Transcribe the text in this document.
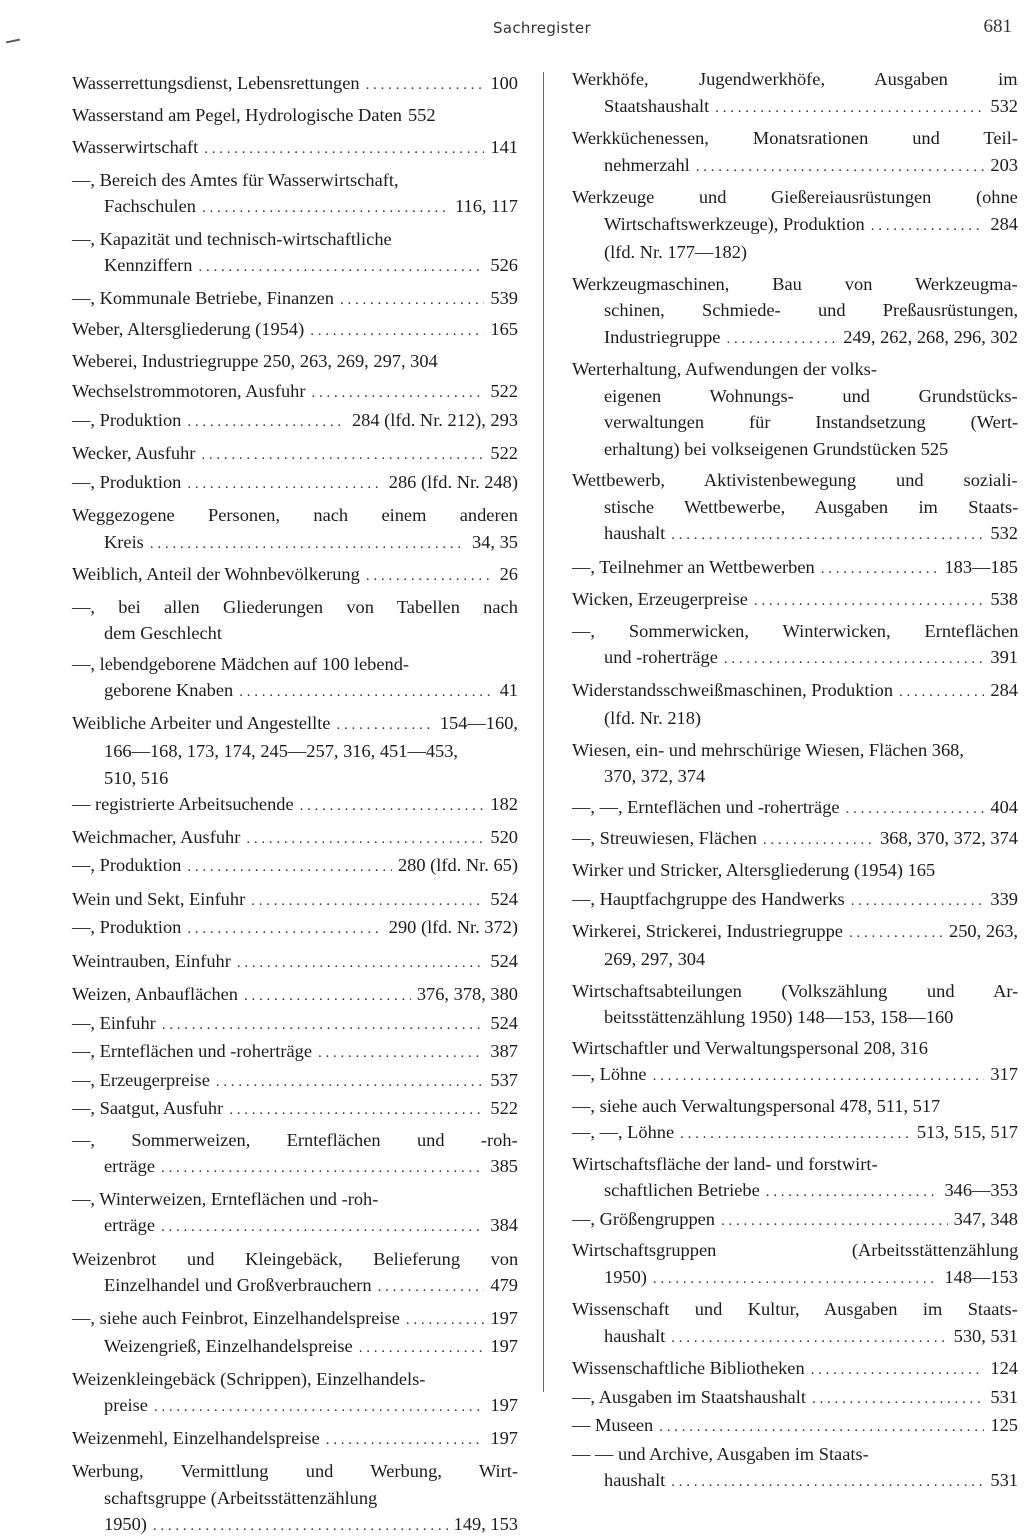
Sachregister	681
Wasserrettungsdienst, Lebensrettungen . . .	100
Wasserstand am Pegel, Hydrologische Daten 552
Wasserwirtschaft . . .	141
—, Bereich des Amtes für Wasserwirtschaft,
Fachschulen . . .	116, 117
—, Kapazität und technisch-wirtschaftliche
Kennziffern . . .	526
—, Kommunale Betriebe, Finanzen . . .	539
Weber, Altersgliederung (1954) . . .	165
Weberei, Industriegruppe 250, 263, 269, 297, 304
Wechselstrommotoren, Ausfuhr . . .	522
—, Produktion . . .	284 (lfd. Nr. 212), 293
Wecker, Ausfuhr . . .	522
—, Produktion . . .	286 (lfd. Nr. 248)
Weggezogene Personen, nach einem anderen
Kreis . . .	34, 35
Weiblich, Anteil der Wohnbevölkerung . . .	26
—, bei allen Gliederungen von Tabellen nach
dem Geschlecht
—, lebendgeborene Mädchen auf 100 lebend-
geborene Knaben . . .	41
Weibliche Arbeiter und Angestellte . . .	154—160,
166—168, 173, 174, 245—257, 316, 451—453,
510, 516
— registrierte Arbeitsuchende . . .	182
Weichmacher, Ausfuhr . . .	520
—, Produktion . . .	280 (lfd. Nr. 65)
Wein und Sekt, Einfuhr . . .	524
—, Produktion . . .	290 (lfd. Nr. 372)
Weintrauben, Einfuhr . . .	524
Weizen, Anbauflächen . . .	376, 378, 380
—, Einfuhr . . .	524
—, Ernteflächen und -roherträge . . .	387
—, Erzeugerpreise . . .	537
—, Saatgut, Ausfuhr . . .	522
—, Sommerweizen, Ernteflächen und -roh-
erträge . . .	385
—, Winterweizen, Ernteflächen und -roh-
erträge . . .	384
Weizenbrot und Kleingebäck, Belieferung von
Einzelhandel und Großverbrauchern . . .	479
—, siehe auch Feinbrot, Einzelhandelspreise . . .	197
Weizengrieß, Einzelhandelspreise . . .	197
Weizenkleingebäck (Schrippen), Einzelhandels-
preise . . .	197
Weizenmehl, Einzelhandelspreise . . .	197
Werbung, Vermittlung und Werbung, Wirt-
schaftsgruppe (Arbeitsstättenzählung
1950) . . .	149, 153
Werkhöfe, Jugendwerkhöfe, Ausgaben im
Staatshaushalt . . .	532
Werkküchenessen, Monatsrationen und Teil-
nehmerzahl . . .	203
Werkzeuge und Gießereiausrüstungen (ohne
Wirtschaftswerkzeuge), Produktion . . .	284
(lfd. Nr. 177—182)
Werkzeugmaschinen, Bau von Werkzeugma-
schinen, Schmiede- und Preßausrüstungen,
Industriegruppe . . .	249, 262, 268, 296, 302
Werterhaltung, Aufwendungen der volks-
eigenen Wohnungs- und Grundstücks-
verwaltungen für Instandsetzung (Wert-
erhaltung) bei volkseigenen Grundstücken 525
Wettbewerb, Aktivistenbewegung und soziali-
stische Wettbewerbe, Ausgaben im Staats-
haushalt . . .	532
—, Teilnehmer an Wettbewerben . . .	183—185
Wicken, Erzeugerpreise . . .	538
—, Sommerwicken, Winterwicken, Ernteflächen
und -roherträge . . .	391
Widerstandsschweißmaschinen, Produktion . . .	284
(lfd. Nr. 218)
Wiesen, ein- und mehrschürige Wiesen, Flächen 368,
370, 372, 374
—, —, Ernteflächen und -roherträge . . .	404
—, Streuwiesen, Flächen . . .	368, 370, 372, 374
Wirker und Stricker, Altersgliederung (1954) 165
—, Hauptfachgruppe des Handwerks . . .	339
Wirkerei, Strickerei, Industriegruppe . . .	250, 263,
269, 297, 304
Wirtschaftsabteilungen (Volkszählung und Ar-
beitsstättenzählung 1950) 148—153, 158—160
Wirtschaftler und Verwaltungspersonal 208, 316
—, Löhne . . .	317
—, siehe auch Verwaltungspersonal 478, 511, 517
—, —, Löhne . . .	513, 515, 517
Wirtschaftsfläche der land- und forstwirt-
schaftlichen Betriebe . . .	346—353
—, Größengruppen . . .	347, 348
Wirtschaftsgruppen (Arbeitsstättenzählung
1950) . . .	148—153
Wissenschaft und Kultur, Ausgaben im Staats-
haushalt . . .	530, 531
Wissenschaftliche Bibliotheken . . .	124
—, Ausgaben im Staatshaushalt . . .	531
— Museen . . .	125
— — und Archive, Ausgaben im Staats-
haushalt . . .	531
